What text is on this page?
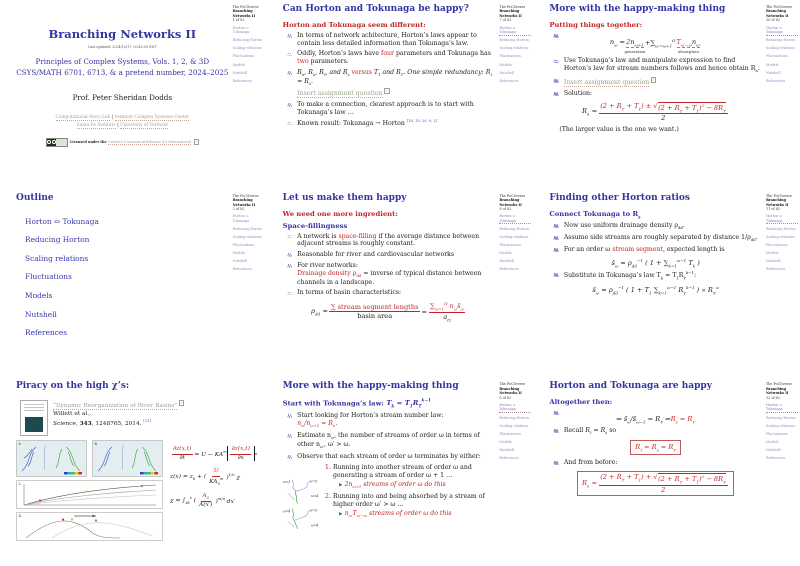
Branching Networks II
Last updated: 2024/10/17, 00:42:05 EDT
Principles of Complex Systems, Vols. 1, 2, & 3D
CSYS/MATH 6701, 6713, & a pretend number, 2024–2025
Prof. Peter Sheridan Dodds
Computational Story Lab | Vermont Complex Systems Center
Santa Fe Institute | University of Vermont
Licensed under the Creative Commons Attribution 4.0 International	↗
The PoCSverse
Branching Networks II
1 of 82
Horton ⇔ Tokunaga
Reducing Horton
Scaling relations
Fluctuations
Models
Nutshell
References
Can Horton and Tokunaga be happy?
Horton and Tokunaga seem different:
In terms of network achitecture, Horton’s laws appear to contain less detailed information than Tokunaga’s law.
Oddly, Horton’s laws have four parameters and Tokunaga has two parameters.
$R_n$, $R_a$, $R_\ell$, and $R_s$ versus $T_1$ and $R_T$. One simple redundancy: $R_\ell = R_s$.
Insert assignment question ↗
To make a connection, clearest approach is to start with Tokunaga’s law …
Known result: Tokunaga → Horton [18, 19, 20, 9, 2]
The PoCSverse
Branching Networks II
7 of 82
Horton ⇔ Tokunaga
Reducing Horton
Scaling relations
Fluctuations
Models
Nutshell
References
More with the happy-making thing
Putting things together:
$n_\omega = 2n_{\omega+1}$
generation
+ $\sum_{\omega'=\omega+1}^\Omega$ $T_{\omega'-\omega}n_{\omega'}$
absorption
Use Tokunaga’s law and manipulate expression to find Horton’s law for stream numbers follows and hence obtain $R_n$.
Insert assignment question ↗
Solution:
$R_n = \frac{(2 + R_T + T_1) \pm √ (2 + R_T + T_1)^2 - 8R_T}{2}$
(The larger value is the one we want.)
The PoCSverse
Branching Networks II
10 of 82
Horton ⇔ Tokunaga
Reducing Horton
Scaling relations
Fluctuations
Models
Nutshell
References
Outline
Horton ⇔ Tokunaga
Reducing Horton
Scaling relations
Fluctuations
Models
Nutshell
References
The PoCSverse
Branching Networks II
2 of 82
Horton ⇔ Tokunaga
Reducing Horton
Scaling relations
Fluctuations
Models
Nutshell
References
Let us make them happy
We need one more ingredient:
Space-fillingness
A network is space-filling if the average distance between adjacent streams is roughly constant.
Reasonable for river and cardiovascular networks
For river networks:
Drainage density $\rho_{dd}$ = inverse of typical distance between channels in a landscape.
In terms of basin characteristics:
$\rho_{dd}$ ≃ $\frac{\text{∑ stream segment lengths}}{\text{basin area}} = \frac{\sum_{\omega=1}^\Omega n_\omega s̄_\omega}{a_\Omega}$
The PoCSverse
Branching Networks II
8 of 82
Horton ⇔ Tokunaga
Reducing Horton
Scaling relations
Fluctuations
Models
Nutshell
References
Finding other Horton ratios
Connect Tokunaga to $R_s$
Now use uniform drainage density $\rho_{dd}$.
Assume side streams are roughly separated by distance $1/\rho_{dd}$.
For an order ω stream segment, expected length is
$s̄_\omega$ ≃ $\rho_{dd}^{-1}$ ( $1 + \sum_{k=1}^{\omega-1}$ $T_k$ )
Substitute in Tokunaga’s law $T_k = T_1R_T^{k-1}$:
$s̄_\omega$ ≃ $\rho_{dd}^{-1}$ ( $1 + T_1$ $\sum_{k=1}^{\omega-1}$ $R_T^{k-1}$ ) ∝ $R_T^\omega$
The PoCSverse
Branching Networks II
11 of 82
Horton ⇔ Tokunaga
Reducing Horton
Scaling relations
Fluctuations
Models
Nutshell
References
Piracy on the high χ’s:
“Dynamic Reorganization of River Basins” ↗
Willett et al.,
Science, 343, 1248765, 2014. [21]
A	B
C
D
$\frac{\partial z(x,t)}{\partial t} = U - KA^m \frac{\partial z(x,t)}{\partial x}$ n
$z(x) = z_b$ + ( $\frac{U}{KA_0^m} )^{1/n}$ χ
$\chi = \int_{xb}^x$ ( $\frac{A_0}{A(x')} )^{m/n}$ dx′
More with the happy-making thing
Start with Tokunaga’s law: $T_k = T_1R_T^{k-1}$
Start looking for Horton’s stream number law:
$n_\omega/n_{\omega+1} = R_n$.
Estimate $n_\omega$, the number of streams of order ω in terms of other $n_{\omega'}$, ω′ > ω.
Observe that each stream of order ω terminates by either:
ω=3	ω=3
ω=4
ω=4	ω=3
ω=4
1. Running into another stream of order ω and generating a stream of order ω + 1 …
▶ $2n_{\omega+1}$ streams of order ω do this
2. Running into and being absorbed by a stream of higher order ω′ > ω …
▶ $n_{\omega'}T_{\omega'-\omega}$ streams of order ω do this
The PoCSverse
Branching Networks II
9 of 82
Horton ⇔ Tokunaga
Reducing Horton
Scaling relations
Fluctuations
Models
Nutshell
References
Horton and Tokunaga are happy
Altogether then:
⇒ $s̄_\omega/s̄_{\omega-1} = R_T$ ⇒ $R_s = R_T$
Recall $R_\ell = R_s$ so
$R_\ell = R_s = R_T$
And from before:
$R_n = \frac{(2 + R_T + T_1) + √ (2 + R_T + T_1)^2 - 8R_T}{2}$
The PoCSverse
Branching Networks II
12 of 82
Horton ⇔ Tokunaga
Reducing Horton
Scaling relations
Fluctuations
Models
Nutshell
References
